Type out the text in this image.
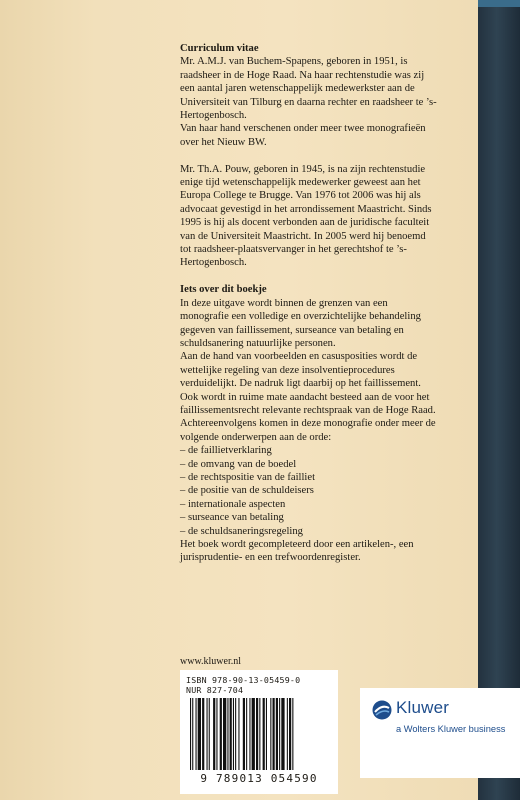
Curriculum vitae

Mr. A.M.J. van Buchem-Spapens, geboren in 1951, is raadsheer in de Hoge Raad. Na haar rechtenstudie was zij een aantal jaren wetenschappelijk medewerkster aan de Universiteit van Tilburg en daarna rechter en raadsheer te ’s-Hertogenbosch.

Van haar hand verschenen onder meer twee monografieën over het Nieuw BW.

Mr. Th.A. Pouw, geboren in 1945, is na zijn rechtenstudie enige tijd wetenschappelijk medewerker geweest aan het Europa College te Brugge. Van 1976 tot 2006 was hij als advocaat gevestigd in het arrondissement Maastricht. Sinds 1995 is hij als docent verbonden aan de juridische faculteit van de Universiteit Maastricht. In 2005 werd hij benoemd tot raadsheer-plaatsvervanger in het gerechtshof te ’s-Hertogenbosch.

Iets over dit boekje

In deze uitgave wordt binnen de grenzen van een monografie een volledige en overzichtelijke behandeling gegeven van faillissement, surseance van betaling en schuldsanering natuurlijke personen.

Aan de hand van voorbeelden en casusposities wordt de wettelijke regeling van deze insolventieprocedures verduidelijkt. De nadruk ligt daarbij op het faillissement.

Ook wordt in ruime mate aandacht besteed aan de voor het faillissementsrecht relevante rechtspraak van de Hoge Raad.

Achtereenvolgens komen in deze monografie onder meer de volgende onderwerpen aan de orde:

– de faillietverklaring
– de omvang van de boedel
– de rechtspositie van de failliet
– de positie van de schuldeisers
– internationale aspecten
– surseance van betaling
– de schuldsaneringsregeling

Het boek wordt gecompleteerd door een artikelen-, een jurisprudentie- en een trefwoordenregister.

www.kluwer.nl
ISBN 978-90-13-05459-0
NUR 827-704
9 789013 054590
Kluwer
a Wolters Kluwer business
